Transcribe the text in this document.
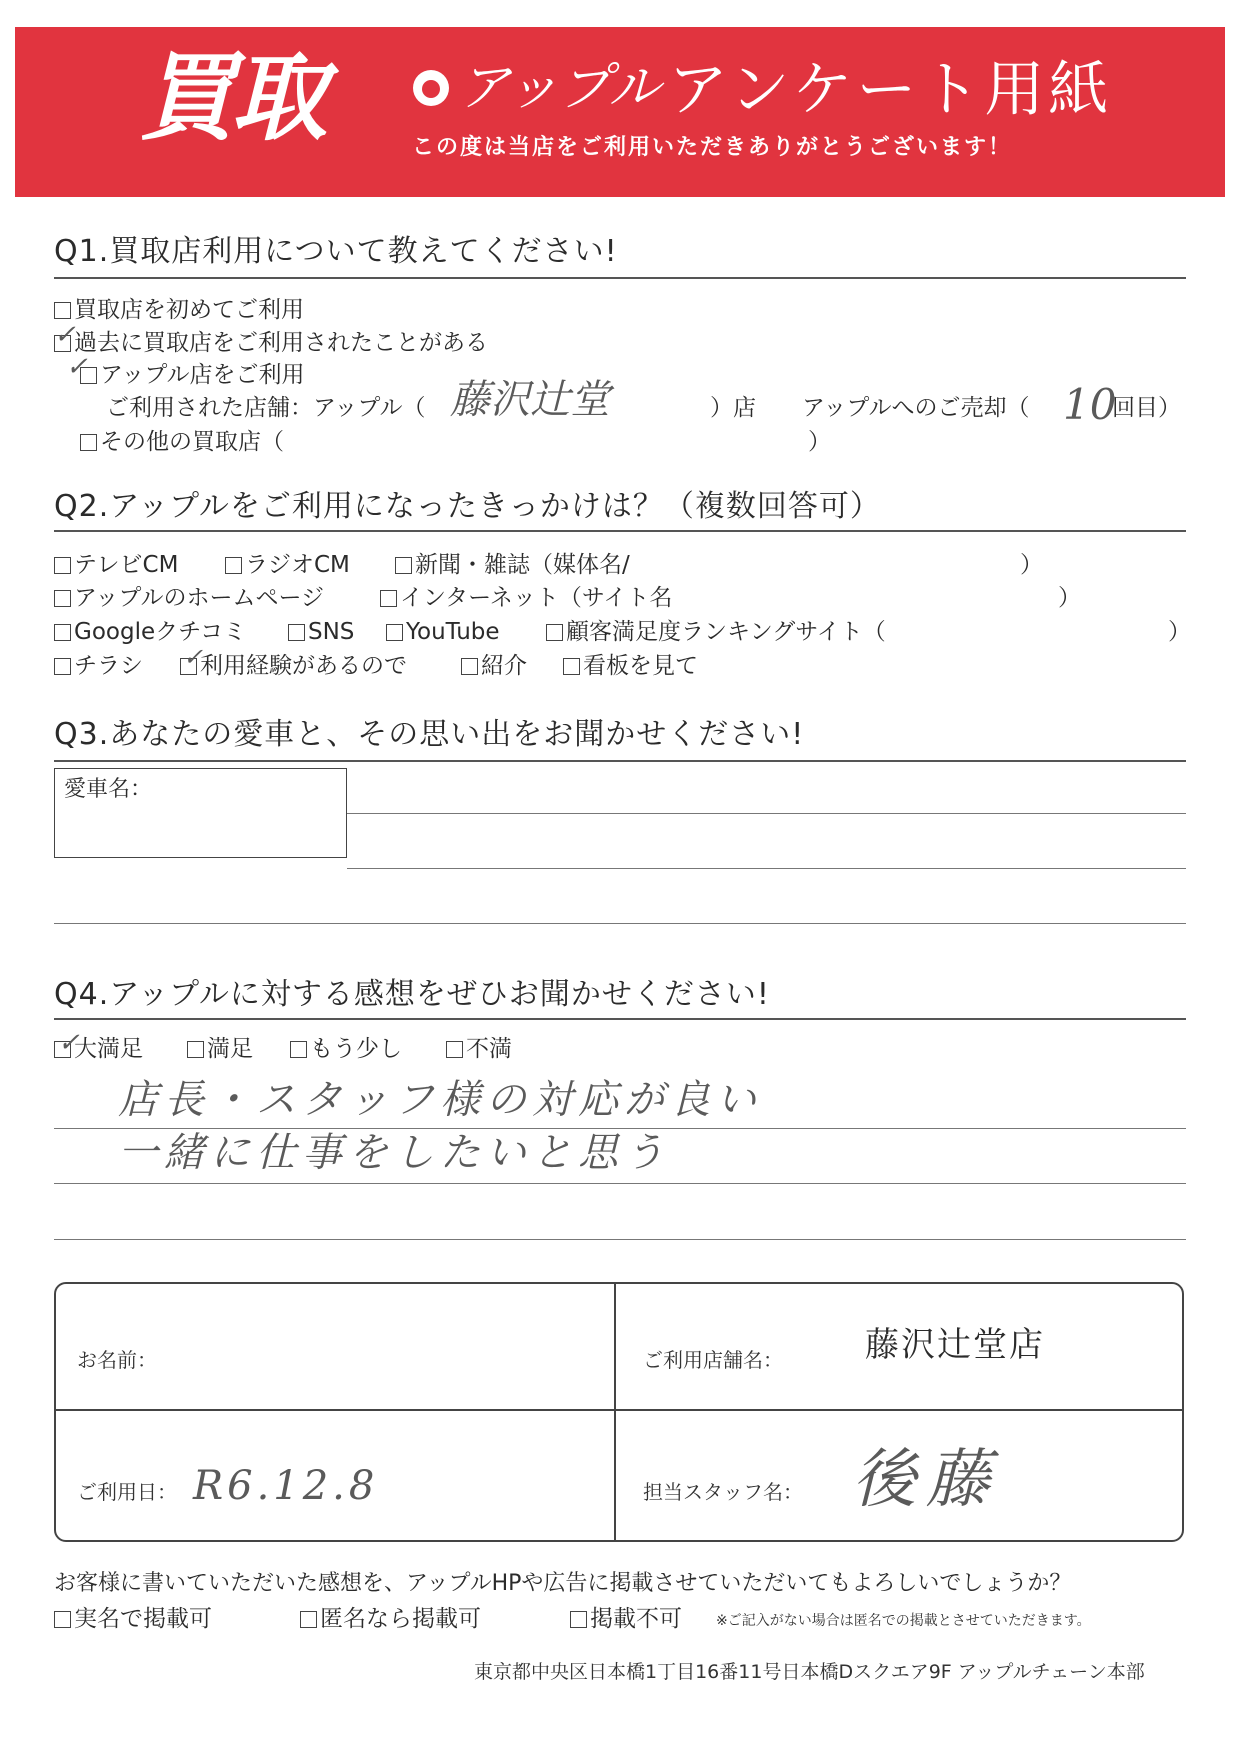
買取	アップル アンケート用紙
この度は当店をご利用いただきありがとうございます！
Q1.買取店利用について教えてください!
買取店を初めてご利用
過去に買取店をご利用されたことがある
✓
アップル店をご利用
✓
ご利用された店舗：アップル（ 藤沢辻堂	）店 アップルへのご売却（ 10
回目）
その他の買取店（	）
Q2.アップルをご利用になったきっかけは？（複数回答可）
テレビCM	ラジオCM	新聞・雑誌（媒体名/	）
アップルのホームページ	インターネット（サイト名	）
Googleクチコミ	SNS	YouTube	顧客満足度ランキングサイト（	）
チラシ	利用経験があるので
✓	紹介	看板を見て
Q3.あなたの愛車と、その思い出をお聞かせください!
愛車名：
Q4.アップルに対する感想をぜひお聞かせください!
大満足
✓	満足	もう少し	不満
店長・スタッフ様の対応が良い
一緒に仕事をしたいと思う
お名前：	ご利用店舗名： 藤沢辻堂店
ご利用日： R6.12.8	担当スタッフ名： 後藤
お客様に書いていただいた感想を、アップルHPや広告に掲載させていただいてもよろしいでしょうか？
実名で掲載可	匿名なら掲載可	掲載不可 ※ご記入がない場合は匿名での掲載とさせていただきます。
東京都中央区日本橋1丁目16番11号日本橋Dスクエア9F アップルチェーン本部
